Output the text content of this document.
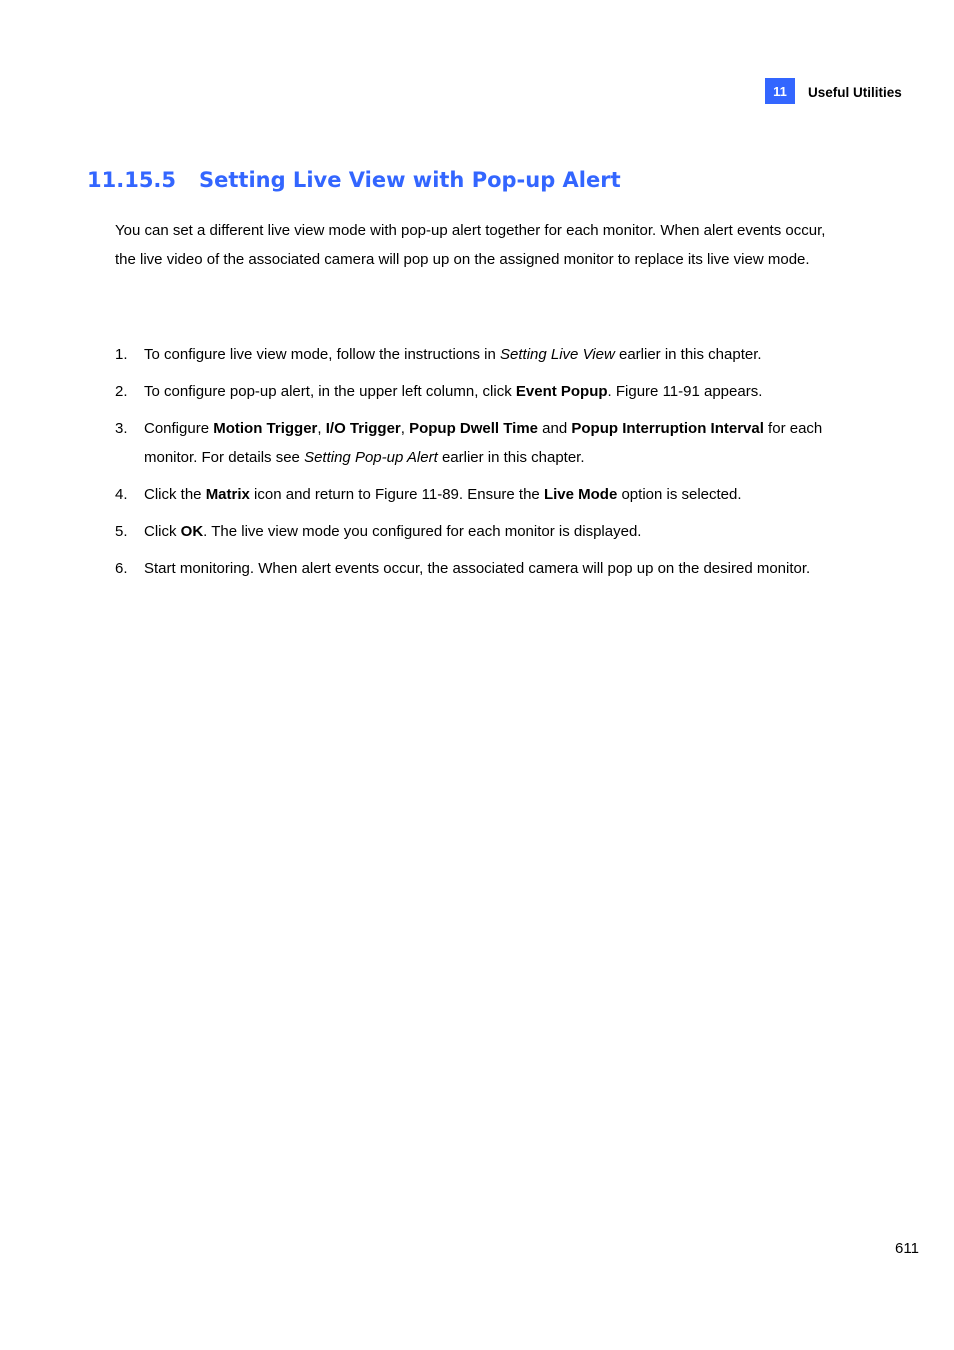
11	Useful Utilities
11.15.5 Setting Live View with Pop-up Alert

You can set a different live view mode with pop-up alert together for each monitor. When alert events occur, the live video of the associated camera will pop up on the assigned monitor to replace its live view mode.

1. To configure live view mode, follow the instructions in Setting Live View earlier in this chapter.
2. To configure pop-up alert, in the upper left column, click Event Popup. Figure 11-91 appears.
3. Configure Motion Trigger, I/O Trigger, Popup Dwell Time and Popup Interruption Interval for each monitor. For details see Setting Pop-up Alert earlier in this chapter.
4. Click the Matrix icon and return to Figure 11-89. Ensure the Live Mode option is selected.
5. Click OK. The live view mode you configured for each monitor is displayed.
6. Start monitoring. When alert events occur, the associated camera will pop up on the desired monitor.
611
